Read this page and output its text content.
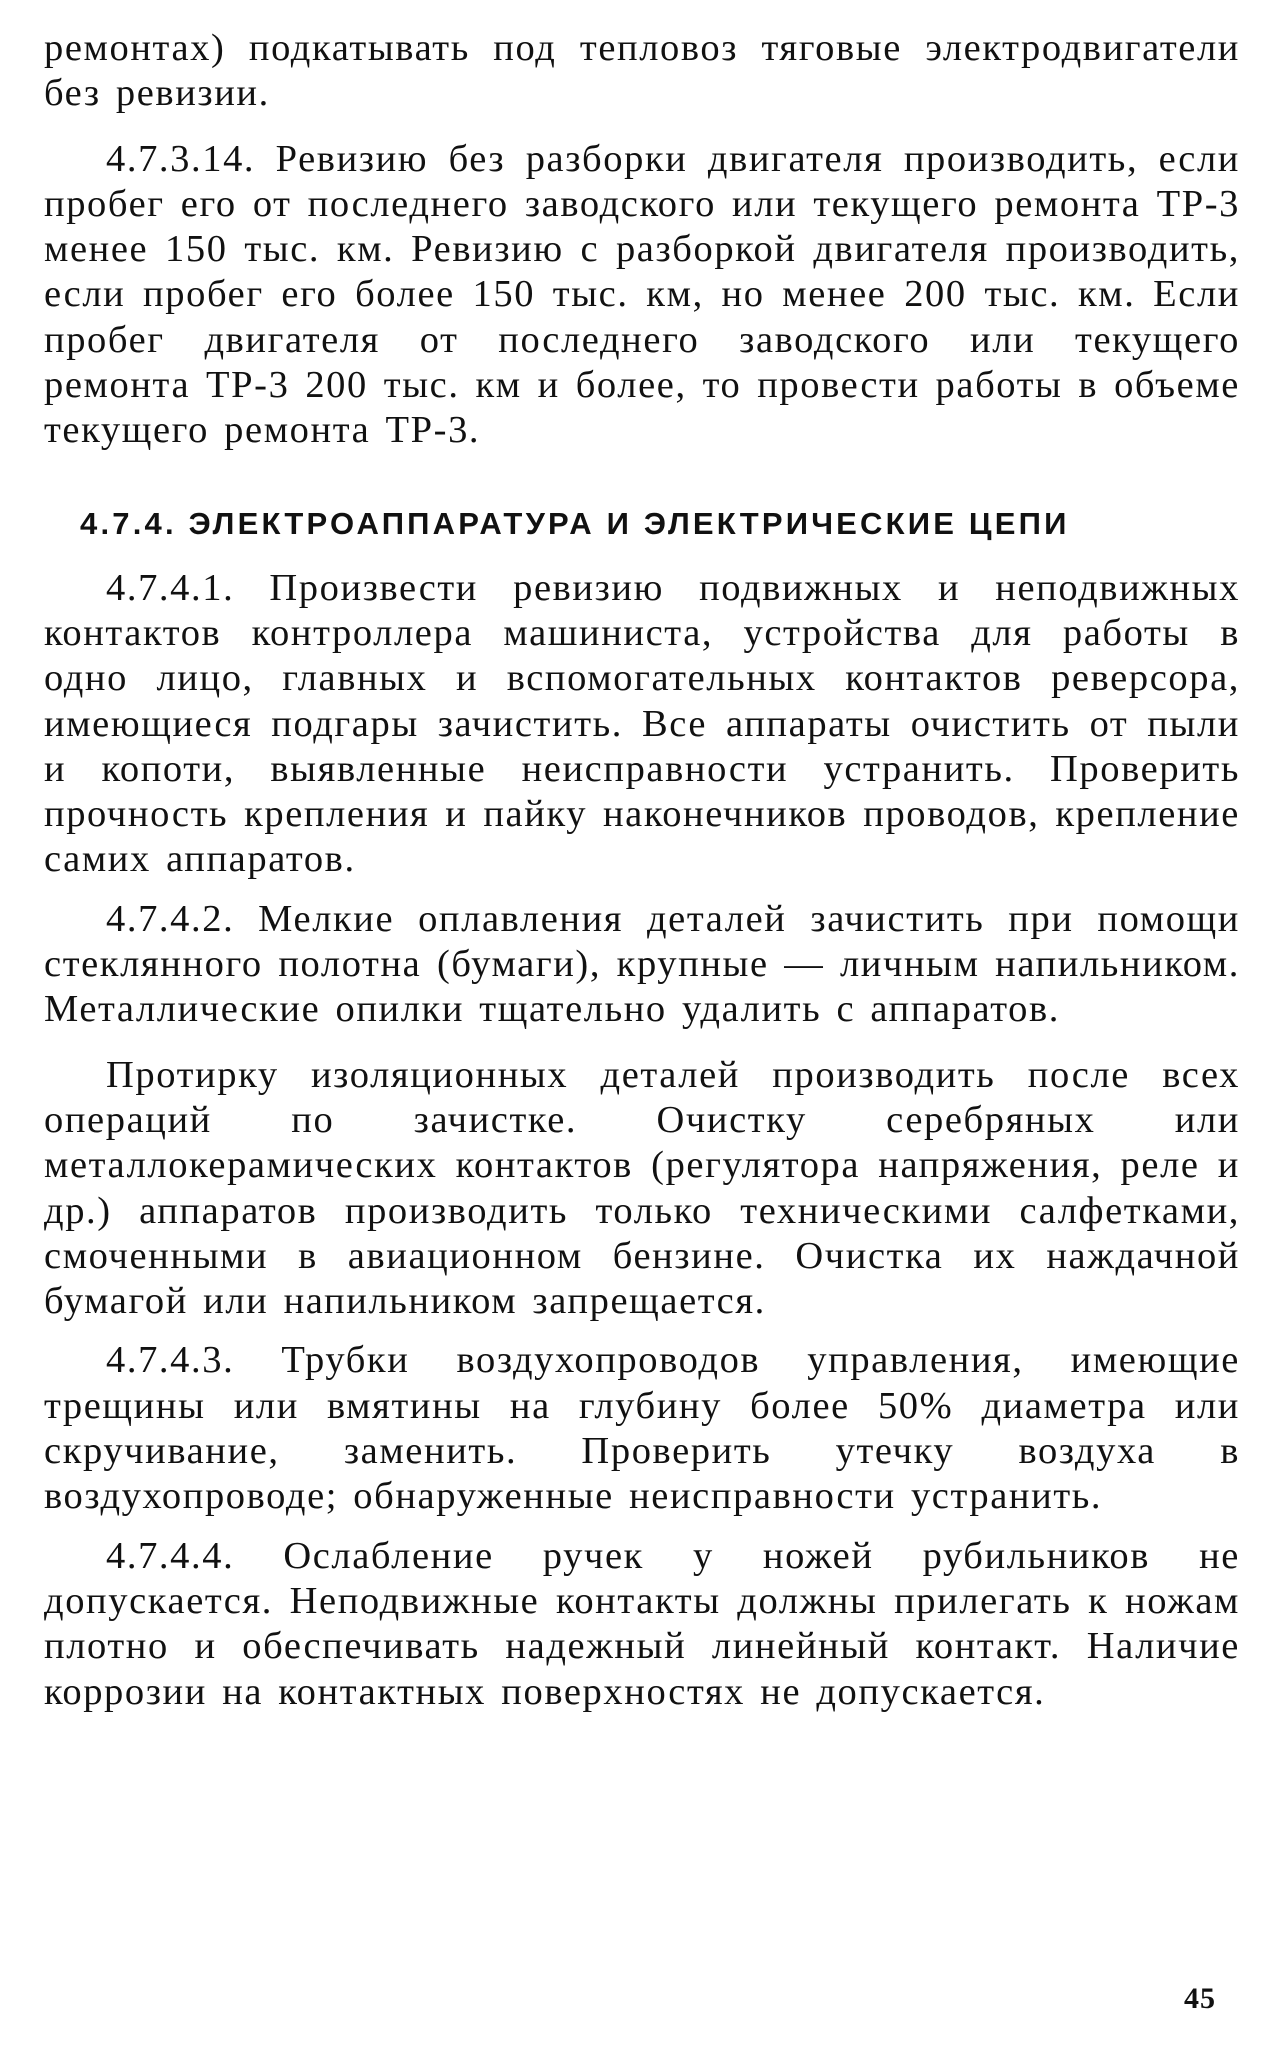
ремонтах) подкатывать под тепловоз тяговые электродвигатели без ревизии.

4.7.3.14. Ревизию без разборки двигателя производить, если пробег его от последнего заводского или текущего ремонта ТР-3 менее 150 тыс. км. Ревизию с разборкой двигателя производить, если пробег его более 150 тыс. км, но менее 200 тыс. км. Если пробег двигателя от последнего заводского или текущего ремонта ТР-3 200 тыс. км и более, то провести работы в объеме текущего ремонта ТР-3.

4.7.4. ЭЛЕКТРОАППАРАТУРА И ЭЛЕКТРИЧЕСКИЕ ЦЕПИ

4.7.4.1. Произвести ревизию подвижных и неподвижных контактов контроллера машиниста, устройства для работы в одно лицо, главных и вспомогательных контактов реверсора, имеющиеся подгары зачистить. Все аппараты очистить от пыли и копоти, выявленные неисправности устранить. Проверить прочность крепления и пайку наконечников проводов, крепление самих аппаратов.

4.7.4.2. Мелкие оплавления деталей зачистить при помощи стеклянного полотна (бумаги), крупные — личным напильником. Металлические опилки тщательно удалить с аппаратов.

Протирку изоляционных деталей производить после всех операций по зачистке. Очистку серебряных или металлокерамических контактов (регулятора напряжения, реле и др.) аппаратов производить только техническими салфетками, смоченными в авиационном бензине. Очистка их наждачной бумагой или напильником запрещается.

4.7.4.3. Трубки воздухопроводов управления, имеющие трещины или вмятины на глубину более 50% диаметра или скручивание, заменить. Проверить утечку воздуха в воздухопроводе; обнаруженные неисправности устранить.

4.7.4.4. Ослабление ручек у ножей рубильников не допускается. Неподвижные контакты должны прилегать к ножам плотно и обеспечивать надежный линейный контакт. Наличие коррозии на контактных поверхностях не допускается.

45
